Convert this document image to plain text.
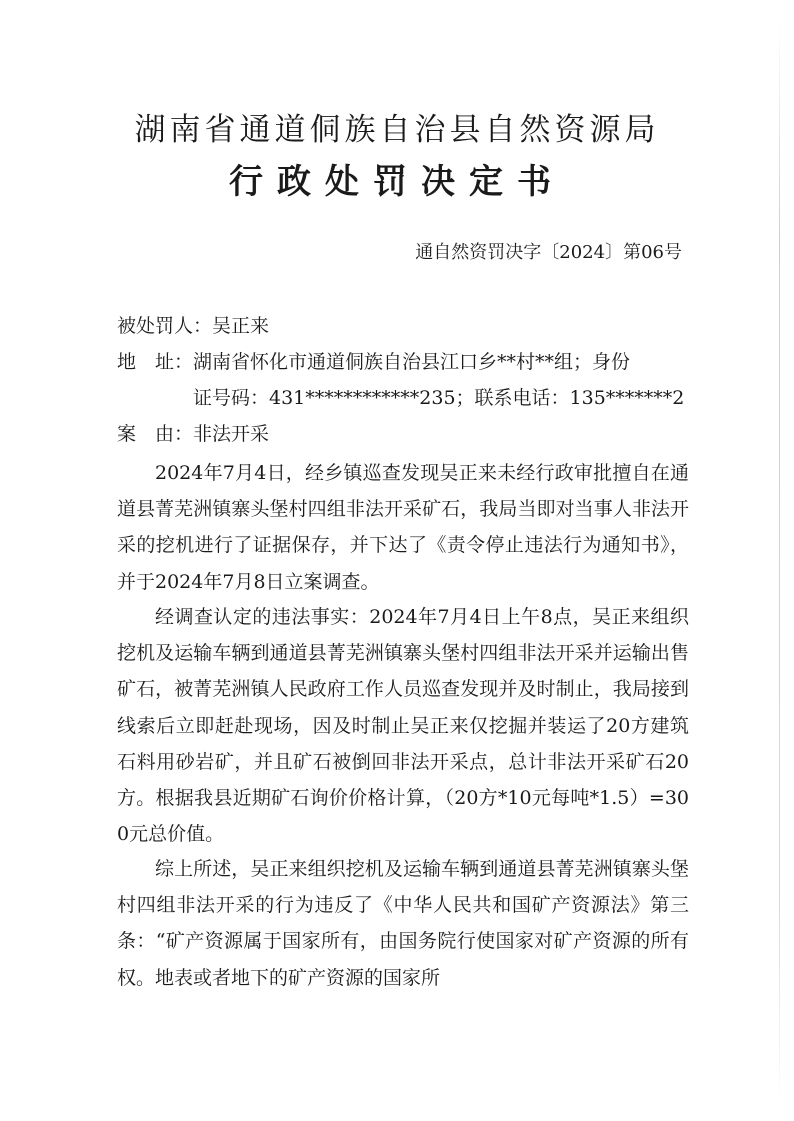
湖南省通道侗族自治县自然资源局
行政处罚决定书
通自然资罚决字〔2024〕第06号
被处罚人：吴正来
地　址：湖南省怀化市通道侗族自治县江口乡**村**组；身份
证号码：431************235；联系电话：135*******2
案　由：非法开采
2024年7月4日，经乡镇巡查发现吴正来未经行政审批擅自在通道县菁芜洲镇寨头堡村四组非法开采矿石，我局当即对当事人非法开采的挖机进行了证据保存，并下达了《责令停止违法行为通知书》，并于2024年7月8日立案调查。
经调查认定的违法事实：2024年7月4日上午8点，吴正来组织挖机及运输车辆到通道县菁芜洲镇寨头堡村四组非法开采并运输出售矿石，被菁芜洲镇人民政府工作人员巡查发现并及时制止，我局接到线索后立即赶赴现场，因及时制止吴正来仅挖掘并装运了20方建筑石料用砂岩矿，并且矿石被倒回非法开采点，总计非法开采矿石20方。根据我县近期矿石询价价格计算，（20方*10元每吨*1.5）=300元总价值。
综上所述，吴正来组织挖机及运输车辆到通道县菁芜洲镇寨头堡村四组非法开采的行为违反了《中华人民共和国矿产资源法》第三条：“矿产资源属于国家所有，由国务院行使国家对矿产资源的所有权。地表或者地下的矿产资源的国家所
